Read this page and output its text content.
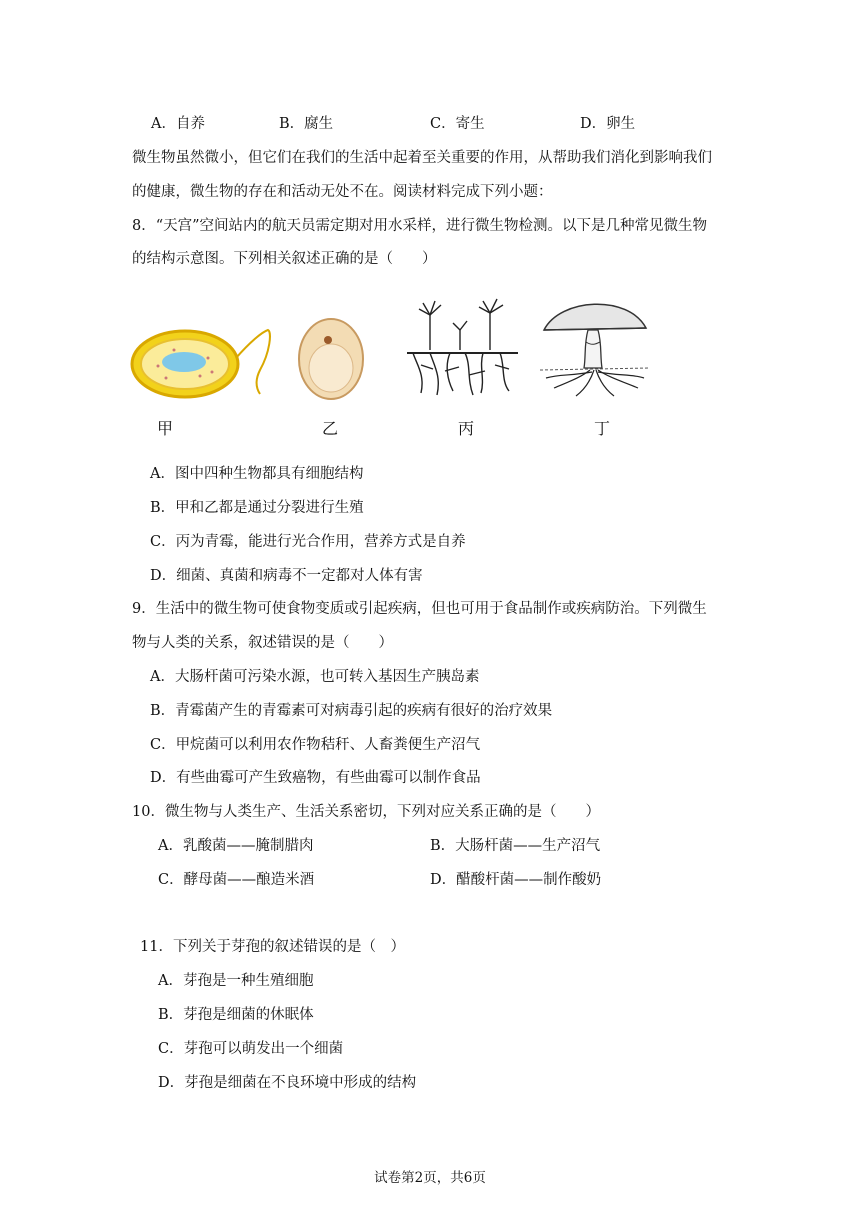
A．自养	B．腐生	C．寄生	D．卵生
微生物虽然微小，但它们在我们的生活中起着至关重要的作用，从帮助我们消化到影响我们
的健康，微生物的存在和活动无处不在。阅读材料完成下列小题：
8．“天宫”空间站内的航天员需定期对用水采样，进行微生物检测。以下是几种常见微生物
的结构示意图。下列相关叙述正确的是（　　）
甲	乙	丙	丁
A．图中四种生物都具有细胞结构
B．甲和乙都是通过分裂进行生殖
C．丙为青霉，能进行光合作用，营养方式是自养
D．细菌、真菌和病毒不一定都对人体有害
9．生活中的微生物可使食物变质或引起疾病，但也可用于食品制作或疾病防治。下列微生
物与人类的关系，叙述错误的是（　　）
A．大肠杆菌可污染水源，也可转入基因生产胰岛素
B．青霉菌产生的青霉素可对病毒引起的疾病有很好的治疗效果
C．甲烷菌可以利用农作物秸秆、人畜粪便生产沼气
D．有些曲霉可产生致癌物，有些曲霉可以制作食品
10．微生物与人类生产、生活关系密切，下列对应关系正确的是（　　）
A．乳酸菌——腌制腊肉	B．大肠杆菌——生产沼气
C．酵母菌——酿造米酒	D．醋酸杆菌——制作酸奶
11．下列关于芽孢的叙述错误的是（　）
A．芽孢是一种生殖细胞
B．芽孢是细菌的休眠体
C．芽孢可以萌发出一个细菌
D．芽孢是细菌在不良环境中形成的结构
试卷第2页，共6页
